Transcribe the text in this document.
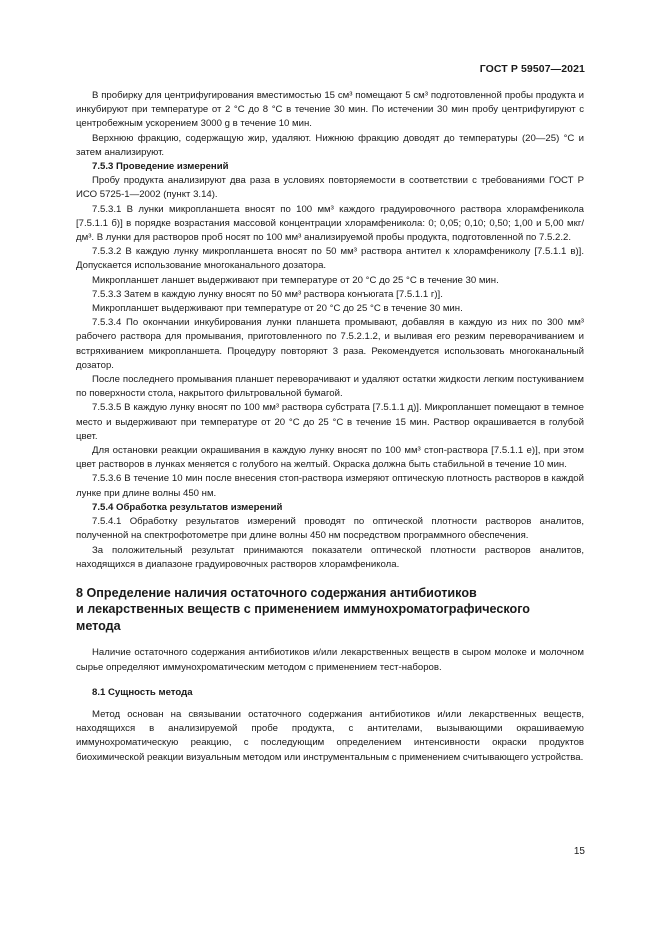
ГОСТ Р 59507—2021

В пробирку для центрифугирования вместимостью 15 см³ помещают 5 см³ подготовленной пробы продукта и инкубируют при температуре от 2 °С до 8 °С в течение 30 мин. По истечении 30 мин пробу центрифугируют с центробежным ускорением 3000 g в течение 10 мин.

Верхнюю фракцию, содержащую жир, удаляют. Нижнюю фракцию доводят до температуры (20—25) °С и затем анализируют.

7.5.3 Проведение измерений

Пробу продукта анализируют два раза в условиях повторяемости в соответствии с требованиями ГОСТ Р ИСО 5725-1—2002 (пункт 3.14).

7.5.3.1 В лунки микропланшета вносят по 100 мм³ каждого градуировочного раствора хлорамфеникола [7.5.1.1 б)] в порядке возрастания массовой концентрации хлорамфеникола: 0; 0,05; 0,10; 0,50; 1,00 и 5,00 мкг/дм³. В лунки для растворов проб носят по 100 мм³ анализируемой пробы продукта, подготовленной по 7.5.2.2.

7.5.3.2 В каждую лунку микропланшета вносят по 50 мм³ раствора антител к хлорамфениколу [7.5.1.1 в)]. Допускается использование многоканального дозатора.

Микропланшет ланшет выдерживают при температуре от 20 °С до 25 °С в течение 30 мин.

7.5.3.3 Затем в каждую лунку вносят по 50 мм³ раствора конъюгата [7.5.1.1 г)].

Микропланшет выдерживают при температуре от 20 °С до 25 °С в течение 30 мин.

7.5.3.4 По окончании инкубирования лунки планшета промывают, добавляя в каждую из них по 300 мм³ рабочего раствора для промывания, приготовленного по 7.5.2.1.2, и выливая его резким переворачиванием и встряхиванием микропланшета. Процедуру повторяют 3 раза. Рекомендуется использовать многоканальный дозатор.

После последнего промывания планшет переворачивают и удаляют остатки жидкости легким постукиванием по поверхности стола, накрытого фильтровальной бумагой.

7.5.3.5 В каждую лунку вносят по 100 мм³ раствора субстрата [7.5.1.1 д)]. Микропланшет помещают в темное место и выдерживают при температуре от 20 °С до 25 °С в течение 15 мин. Раствор окрашивается в голубой цвет.

Для остановки реакции окрашивания в каждую лунку вносят по 100 мм³ стоп-раствора [7.5.1.1 е)], при этом цвет растворов в лунках меняется с голубого на желтый. Окраска должна быть стабильной в течение 10 мин.

7.5.3.6 В течение 10 мин после внесения стоп-раствора измеряют оптическую плотность растворов в каждой лунке при длине волны 450 нм.

7.5.4 Обработка результатов измерений

7.5.4.1 Обработку результатов измерений проводят по оптической плотности растворов аналитов, полученной на спектрофотометре при длине волны 450 нм посредством программного обеспечения.

За положительный результат принимаются показатели оптической плотности растворов аналитов, находящихся в диапазоне градуировочных растворов хлорамфеникола.

8 Определение наличия остаточного содержания антибиотиков
и лекарственных веществ с применением иммунохроматографического
метода

Наличие остаточного содержания антибиотиков и/или лекарственных веществ в сыром молоке и молочном сырье определяют иммунохроматическим методом с применением тест-наборов.

8.1 Сущность метода

Метод основан на связывании остаточного содержания антибиотиков и/или лекарственных веществ, находящихся в анализируемой пробе продукта, с антителами, вызывающими окрашиваемую иммунохроматическую реакцию, с последующим определением интенсивности окраски продуктов биохимической реакции визуальным методом или инструментальным с применением считывающего устройства.

15
